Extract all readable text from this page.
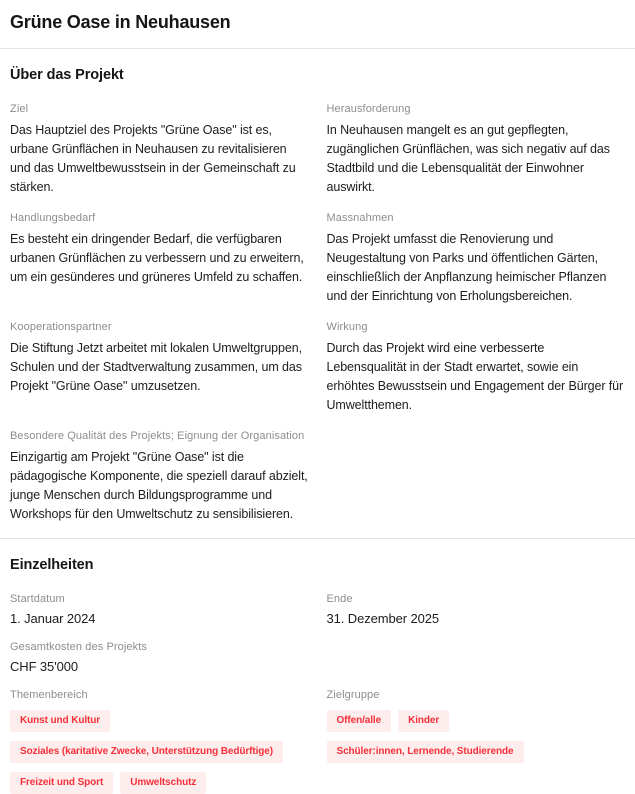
Grüne Oase in Neuhausen
Über das Projekt
Ziel

Das Hauptziel des Projekts "Grüne Oase" ist es, urbane Grünflächen in Neuhausen zu revitalisieren und das Umweltbewusstsein in der Gemeinschaft zu stärken.

Herausforderung

In Neuhausen mangelt es an gut gepflegten, zugänglichen Grünflächen, was sich negativ auf das Stadtbild und die Lebensqualität der Einwohner auswirkt.

Handlungsbedarf

Es besteht ein dringender Bedarf, die verfügbaren urbanen Grünflächen zu verbessern und zu erweitern, um ein gesünderes und grüneres Umfeld zu schaffen.

Massnahmen

Das Projekt umfasst die Renovierung und Neugestaltung von Parks und öffentlichen Gärten, einschließlich der Anpflanzung heimischer Pflanzen und der Einrichtung von Erholungsbereichen.

Kooperationspartner

Die Stiftung Jetzt arbeitet mit lokalen Umweltgruppen, Schulen und der Stadtverwaltung zusammen, um das Projekt "Grüne Oase" umzusetzen.

Wirkung

Durch das Projekt wird eine verbesserte Lebensqualität in der Stadt erwartet, sowie ein erhöhtes Bewusstsein und Engagement der Bürger für Umweltthemen.

Besondere Qualität des Projekts; Eignung der Organisation

Einzigartig am Projekt "Grüne Oase" ist die pädagogische Komponente, die speziell darauf abzielt, junge Menschen durch Bildungsprogramme und Workshops für den Umweltschutz zu sensibilisieren.

Einzelheiten
Startdatum
1. Januar 2024
Ende
31. Dezember 2025
Gesamtkosten des Projekts
CHF 35'000
Themenbereich
Kunst und Kultur
Soziales (karitative Zwecke, Unterstützung Bedürftige)
Freizeit und Sport	Umweltschutz
Zielgruppe
Offen/alle	Kinder
Schüler:innen, Lernende, Studierende
